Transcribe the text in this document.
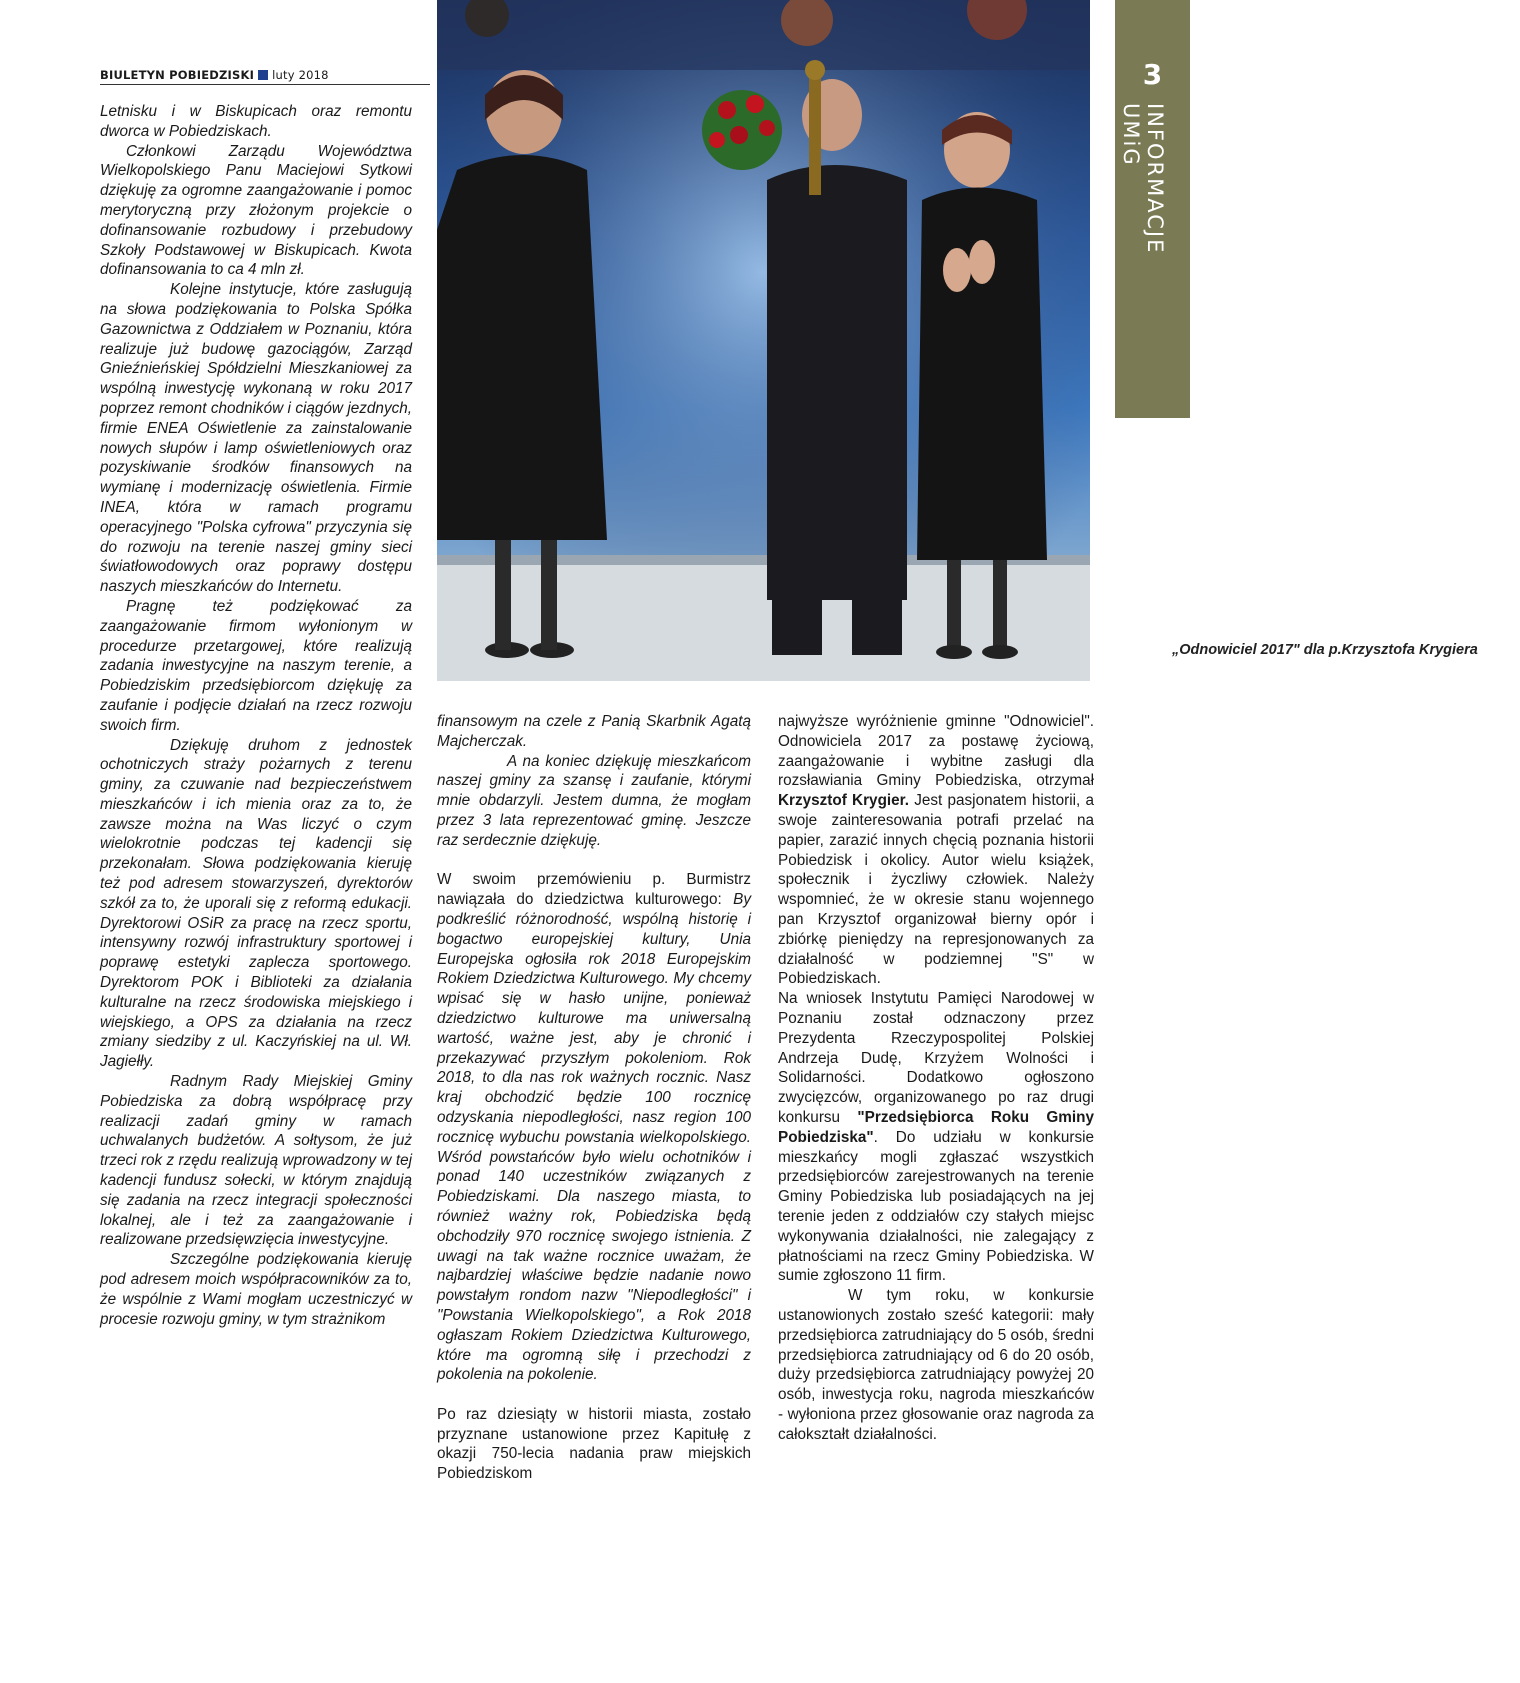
BIULETYN POBIEDZISKI luty 2018	3
INFORMACJE UMiG
„Odnowiciel 2017" dla p.Krzysztofa Krygiera

Letnisku i w Biskupicach oraz remontu dworca w Pobiedziskach.

Członkowi Zarządu Województwa Wielkopolskiego Panu Maciejowi Sytkowi dziękuję za ogromne zaangażowanie i pomoc merytoryczną przy złożonym projekcie o dofinansowanie rozbudowy i przebudowy Szkoły Podstawowej w Biskupicach. Kwota dofinansowania to ca 4 mln zł.

Kolejne instytucje, które zasługują na słowa podziękowania to Polska Spółka Gazownictwa z Oddziałem w Poznaniu, która realizuje już budowę gazociągów, Zarząd Gnieźnieńskiej Spółdzielni Mieszkaniowej za wspólną inwestycję wykonaną w roku 2017 poprzez remont chodników i ciągów jezdnych, firmie ENEA Oświetlenie za zainstalowanie nowych słupów i lamp oświetleniowych oraz pozyskiwanie środków finansowych na wymianę i modernizację oświetlenia. Firmie INEA, która w ramach programu operacyjnego "Polska cyfrowa" przyczynia się do rozwoju na terenie naszej gminy sieci światłowodowych oraz poprawy dostępu naszych mieszkańców do Internetu.

Pragnę też podziękować za zaangażowanie firmom wyłonionym w procedurze przetargowej, które realizują zadania inwestycyjne na naszym terenie, a Pobiedziskim przedsiębiorcom dziękuję za zaufanie i podjęcie działań na rzecz rozwoju swoich firm.

Dziękuję druhom z jednostek ochotniczych straży pożarnych z terenu gminy, za czuwanie nad bezpieczeństwem mieszkańców i ich mienia oraz za to, że zawsze można na Was liczyć o czym wielokrotnie podczas tej kadencji się przekonałam. Słowa podziękowania kieruję też pod adresem stowarzyszeń, dyrektorów szkół za to, że uporali się z reformą edukacji. Dyrektorowi OSiR za pracę na rzecz sportu, intensywny rozwój infrastruktury sportowej i poprawę estetyki zaplecza sportowego. Dyrektorom POK i Biblioteki za działania kulturalne na rzecz środowiska miejskiego i wiejskiego, a OPS za działania na rzecz zmiany siedziby z ul. Kaczyńskiej na ul. Wł. Jagiełły.

Radnym Rady Miejskiej Gminy Pobiedziska za dobrą współpracę przy realizacji zadań gminy w ramach uchwalanych budżetów. A sołtysom, że już trzeci rok z rzędu realizują wprowadzony w tej kadencji fundusz sołecki, w którym znajdują się zadania na rzecz integracji społeczności lokalnej, ale i też za zaangażowanie i realizowane przedsięwzięcia inwestycyjne.

Szczególne podziękowania kieruję pod adresem moich współpracowników za to, że wspólnie z Wami mogłam uczestniczyć w procesie rozwoju gminy, w tym strażnikom

finansowym na czele z Panią Skarbnik Agatą Majcherczak.

A na koniec dziękuję mieszkańcom naszej gminy za szansę i zaufanie, którymi mnie obdarzyli. Jestem dumna, że mogłam przez 3 lata reprezentować gminę. Jeszcze raz serdecznie dziękuję.

W swoim przemówieniu p. Burmistrz nawiązała do dziedzictwa kulturowego: By podkreślić różnorodność, wspólną historię i bogactwo europejskiej kultury, Unia Europejska ogłosiła rok 2018 Europejskim Rokiem Dziedzictwa Kulturowego. My chcemy wpisać się w hasło unijne, ponieważ dziedzictwo kulturowe ma uniwersalną wartość, ważne jest, aby je chronić i przekazywać przyszłym pokoleniom. Rok 2018, to dla nas rok ważnych rocznic. Nasz kraj obchodzić będzie 100 rocznicę odzyskania niepodległości, nasz region 100 rocznicę wybuchu powstania wielkopolskiego. Wśród powstańców było wielu ochotników i ponad 140 uczestników związanych z Pobiedziskami. Dla naszego miasta, to również ważny rok, Pobiedziska będą obchodziły 970 rocznicę swojego istnienia. Z uwagi na tak ważne rocznice uważam, że najbardziej właściwe będzie nadanie nowo powstałym rondom nazw "Niepodległości" i "Powstania Wielkopolskiego", a Rok 2018 ogłaszam Rokiem Dziedzictwa Kulturowego, które ma ogromną siłę i przechodzi z pokolenia na pokolenie.

Po raz dziesiąty w historii miasta, zostało przyznane ustanowione przez Kapitułę z okazji 750-lecia nadania praw miejskich Pobiedziskom

najwyższe wyróżnienie gminne "Odnowiciel". Odnowiciela 2017 za postawę życiową, zaangażowanie i wybitne zasługi dla rozsławiania Gminy Pobiedziska, otrzymał Krzysztof Krygier. Jest pasjonatem historii, a swoje zainteresowania potrafi przelać na papier, zarazić innych chęcią poznania historii Pobiedzisk i okolicy. Autor wielu książek, społecznik i życzliwy człowiek. Należy wspomnieć, że w okresie stanu wojennego pan Krzysztof organizował bierny opór i zbiórkę pieniędzy na represjonowanych za działalność w podziemnej "S" w Pobiedziskach.

Na wniosek Instytutu Pamięci Narodowej w Poznaniu został odznaczony przez Prezydenta Rzeczypospolitej Polskiej Andrzeja Dudę, Krzyżem Wolności i Solidarności. Dodatkowo ogłoszono zwycięzców, organizowanego po raz drugi konkursu "Przedsiębiorca Roku Gminy Pobiedziska". Do udziału w konkursie mieszkańcy mogli zgłaszać wszystkich przedsiębiorców zarejestrowanych na terenie Gminy Pobiedziska lub posiadających na jej terenie jeden z oddziałów czy stałych miejsc wykonywania działalności, nie zalegający z płatnościami na rzecz Gminy Pobiedziska. W sumie zgłoszono 11 firm.

W tym roku, w konkursie ustanowionych zostało sześć kategorii: mały przedsiębiorca zatrudniający do 5 osób, średni przedsiębiorca zatrudniający od 6 do 20 osób, duży przedsiębiorca zatrudniający powyżej 20 osób, inwestycja roku, nagroda mieszkańców - wyłoniona przez głosowanie oraz nagroda za całokształt działalności.
